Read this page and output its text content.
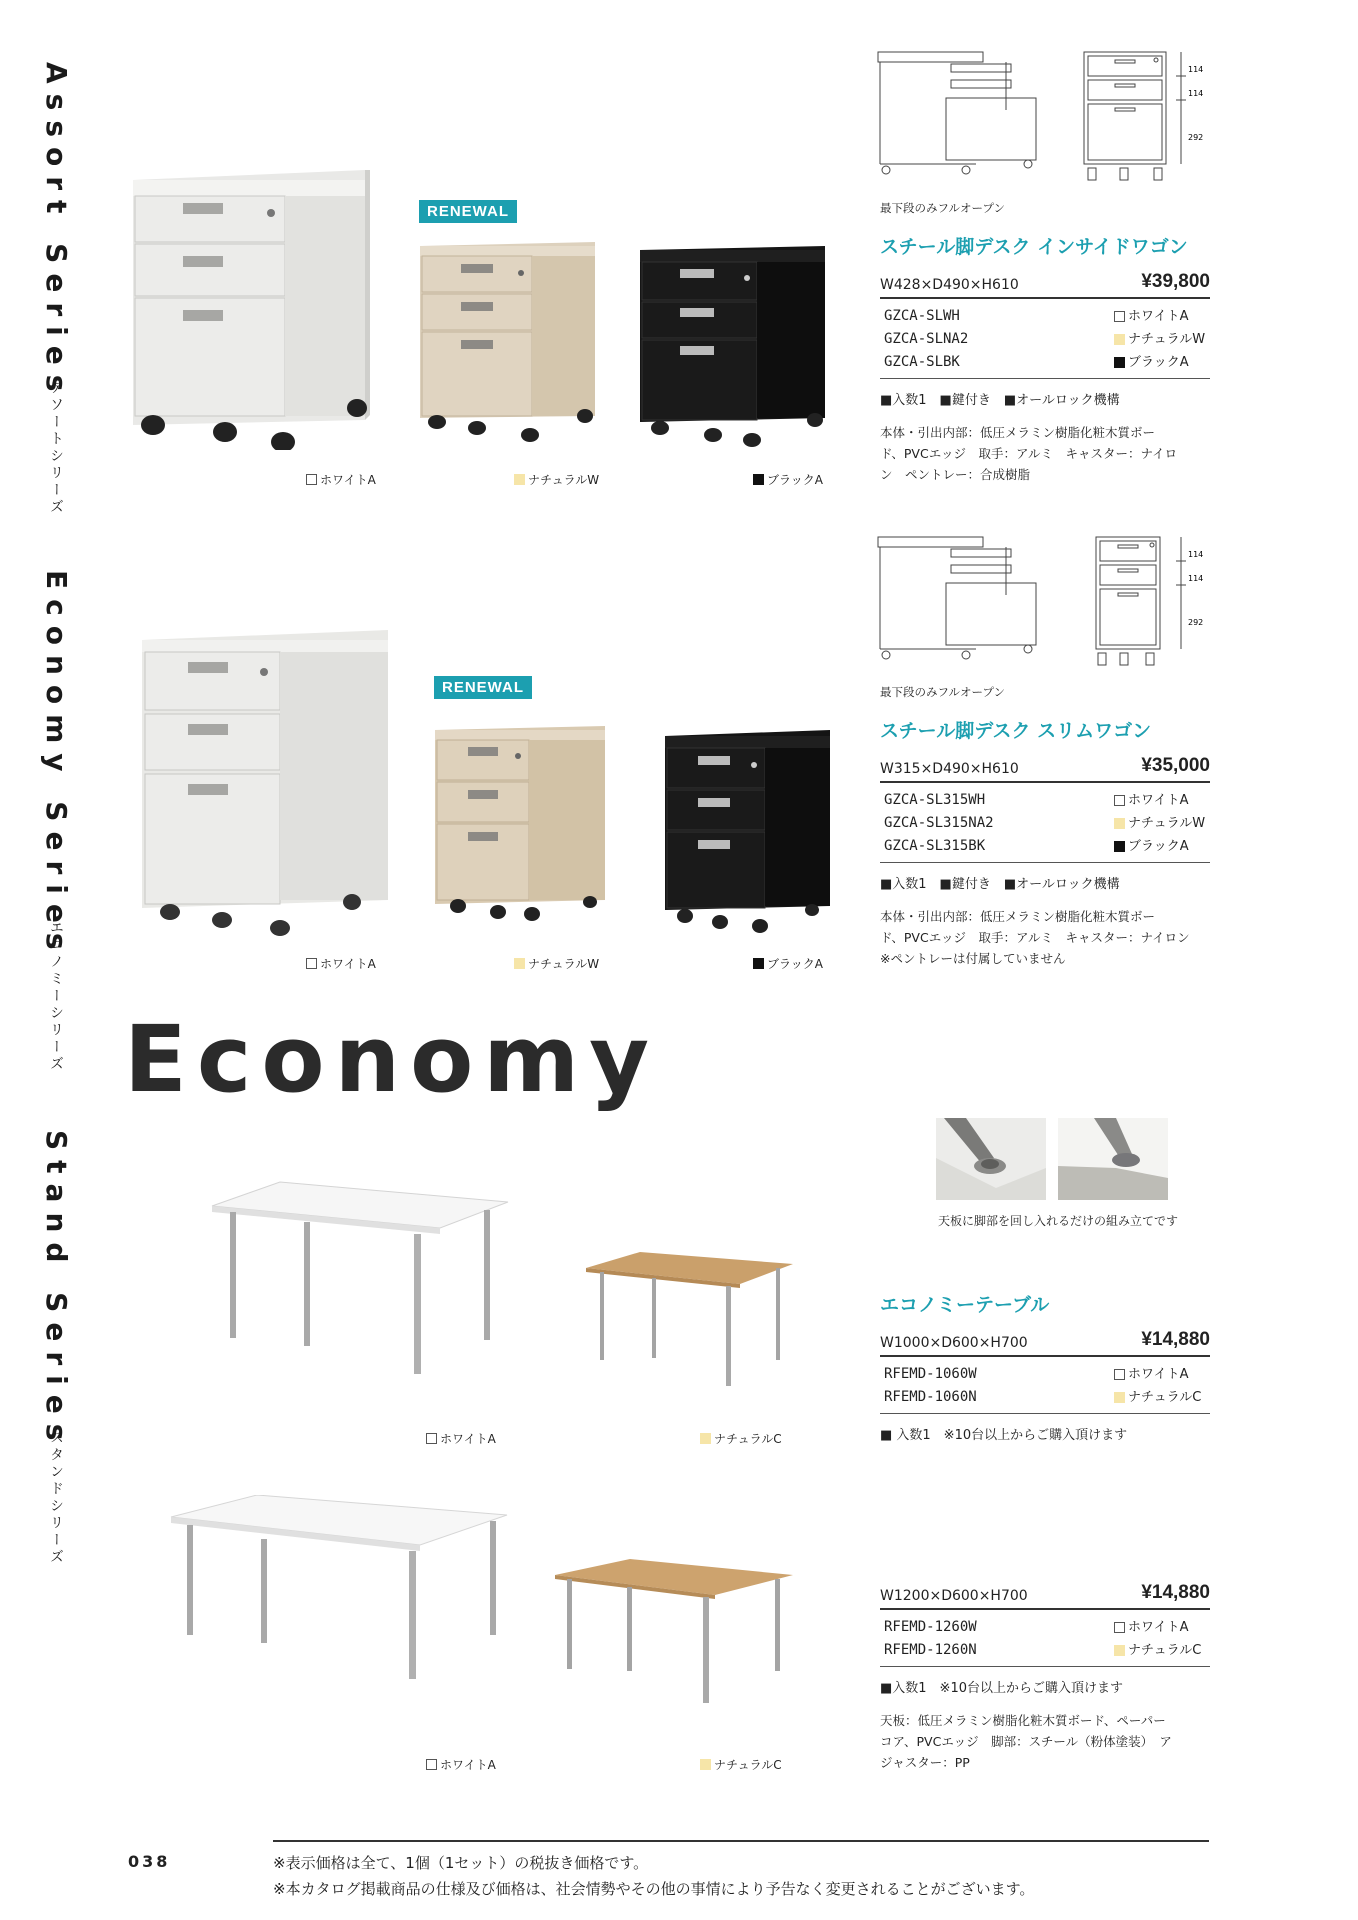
Assort Series
アソートシリーズ
Economy Series
エコノミーシリーズ
Stand Series
スタンドシリーズ
RENEWAL
ホワイトA	ナチュラルW	ブラックA
114
114
292
最下段のみフルオープン
スチール脚デスク インサイドワゴン
W428×D490×H610	¥39,800
GZCA-SLWH	ホワイトA
GZCA-SLNA2	ナチュラルW
GZCA-SLBK	ブラックA
■入数1　■鍵付き　■オールロック機構
本体・引出内部：低圧メラミン樹脂化粧木質ボー
ド、PVCエッジ　取手：アルミ　キャスター：ナイロ
ン　ペントレー：合成樹脂
RENEWAL
ホワイトA	ナチュラルW	ブラックA
114
114
292
最下段のみフルオープン
スチール脚デスク スリムワゴン
W315×D490×H610	¥35,000
GZCA-SL315WH	ホワイトA
GZCA-SL315NA2	ナチュラルW
GZCA-SL315BK	ブラックA
■入数1　■鍵付き　■オールロック機構
本体・引出内部：低圧メラミン樹脂化粧木質ボー
ド、PVCエッジ　取手：アルミ　キャスター：ナイロン
※ペントレーは付属していません
Economy
天板に脚部を回し入れるだけの組み立てです
ホワイトA	ナチュラルC
エコノミーテーブル
W1000×D600×H700	¥14,880
RFEMD-1060W	ホワイトA
RFEMD-1060N	ナチュラルC
■ 入数1　※10台以上からご購入頂けます
ホワイトA	ナチュラルC
W1200×D600×H700	¥14,880
RFEMD-1260W	ホワイトA
RFEMD-1260N	ナチュラルC
■入数1　※10台以上からご購入頂けます
天板：低圧メラミン樹脂化粧木質ボード、ペーパー
コア、PVCエッジ　脚部：スチール（粉体塗装）　ア
ジャスター：PP
038	※表示価格は全て、1個（1セット）の税抜き価格です。
※本カタログ掲載商品の仕様及び価格は、社会情勢やその他の事情により予告なく変更されることがございます。
